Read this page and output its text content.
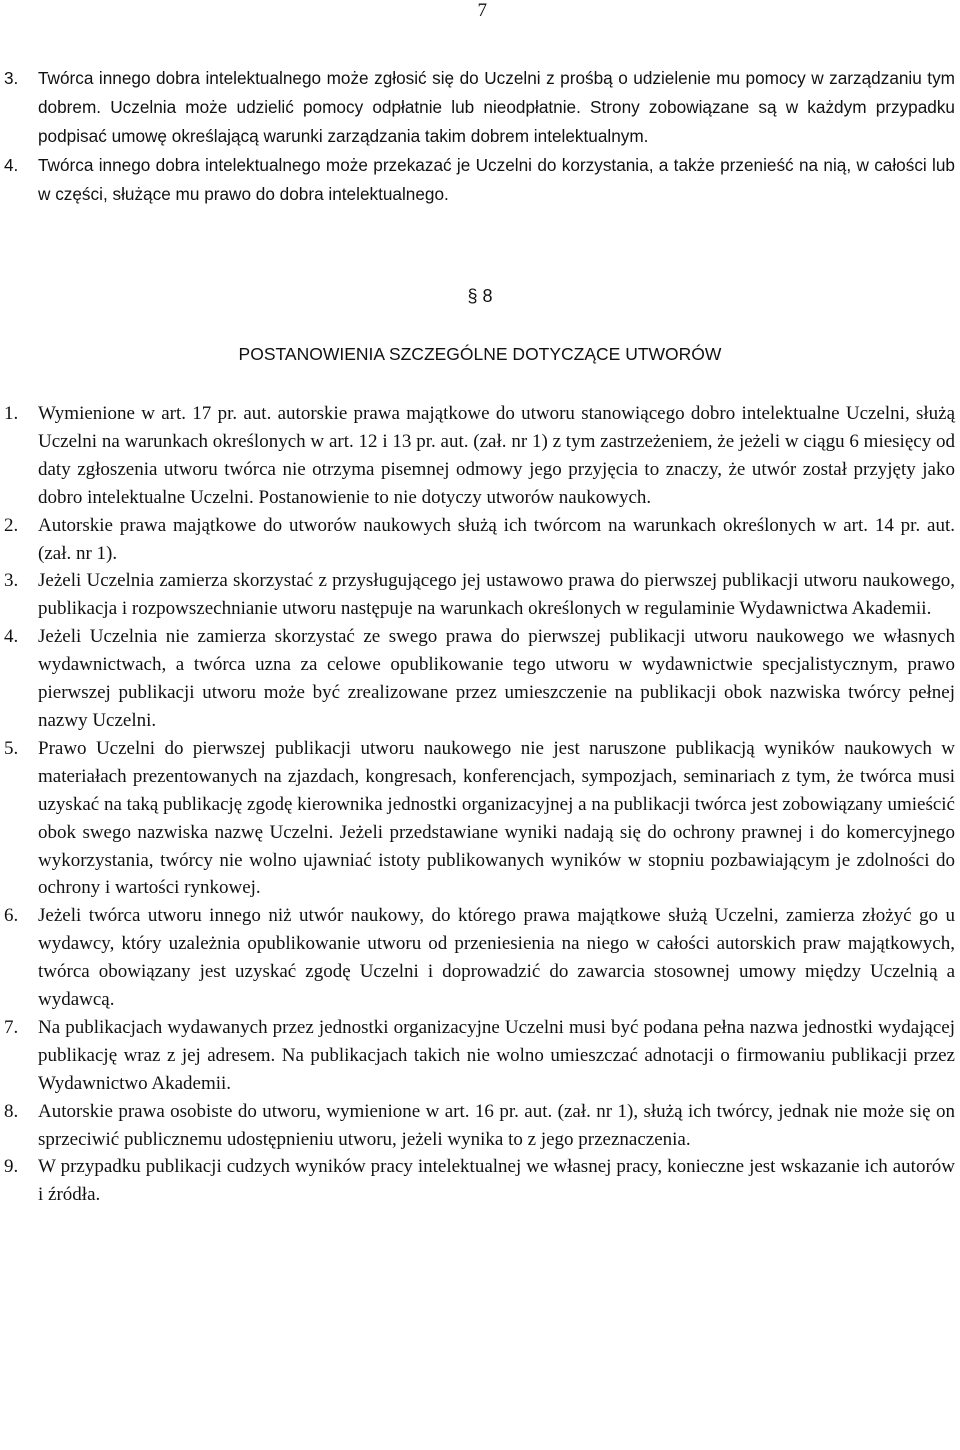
7
3. Twórca innego dobra intelektualnego może zgłosić się do Uczelni z prośbą o udzielenie mu pomocy w zarządzaniu tym dobrem. Uczelnia może udzielić pomocy odpłatnie lub nieodpłatnie. Strony zobowiązane są w każdym przypadku podpisać umowę określającą warunki zarządzania takim dobrem intelektualnym.
4. Twórca innego dobra intelektualnego może przekazać je Uczelni do korzystania, a także przenieść na nią, w całości lub w części, służące mu prawo do dobra intelektualnego.
§ 8
POSTANOWIENIA SZCZEGÓLNE DOTYCZĄCE UTWORÓW
1. Wymienione w art. 17 pr. aut. autorskie prawa majątkowe do utworu stanowiącego dobro intelektualne Uczelni, służą Uczelni na warunkach określonych w art. 12 i 13 pr. aut. (zał. nr 1) z tym zastrzeżeniem, że jeżeli w ciągu 6 miesięcy od daty zgłoszenia utworu twórca nie otrzyma pisemnej odmowy jego przyjęcia to znaczy, że utwór został przyjęty jako dobro intelektualne Uczelni. Postanowienie to nie dotyczy utworów naukowych.
2. Autorskie prawa majątkowe do utworów naukowych służą ich twórcom na warunkach określonych w art. 14 pr. aut. (zał. nr 1).
3. Jeżeli Uczelnia zamierza skorzystać z przysługującego jej ustawowo prawa do pierwszej publikacji utworu naukowego, publikacja i rozpowszechnianie utworu następuje na warunkach określonych w regulaminie Wydawnictwa Akademii.
4. Jeżeli Uczelnia nie zamierza skorzystać ze swego prawa do pierwszej publikacji utworu naukowego we własnych wydawnictwach, a twórca uzna za celowe opublikowanie tego utworu w wydawnictwie specjalistycznym, prawo pierwszej publikacji utworu może być zrealizowane przez umieszczenie na publikacji obok nazwiska twórcy pełnej nazwy Uczelni.
5. Prawo Uczelni do pierwszej publikacji utworu naukowego nie jest naruszone publikacją wyników naukowych w materiałach prezentowanych na zjazdach, kongresach, konferencjach, sympozjach, seminariach z tym, że twórca musi uzyskać na taką publikację zgodę kierownika jednostki organizacyjnej a na publikacji twórca jest zobowiązany umieścić obok swego nazwiska nazwę Uczelni. Jeżeli przedstawiane wyniki nadają się do ochrony prawnej i do komercyjnego wykorzystania, twórcy nie wolno ujawniać istoty publikowanych wyników w stopniu pozbawiającym je zdolności do ochrony i wartości rynkowej.
6. Jeżeli twórca utworu innego niż utwór naukowy, do którego prawa majątkowe służą Uczelni, zamierza złożyć go u wydawcy, który uzależnia opublikowanie utworu od przeniesienia na niego w całości autorskich praw majątkowych, twórca obowiązany jest uzyskać zgodę Uczelni i doprowadzić do zawarcia stosownej umowy między Uczelnią a wydawcą.
7. Na publikacjach wydawanych przez jednostki organizacyjne Uczelni musi być podana pełna nazwa jednostki wydającej publikację wraz z jej adresem. Na publikacjach takich nie wolno umieszczać adnotacji o firmowaniu publikacji przez Wydawnictwo Akademii.
8. Autorskie prawa osobiste do utworu, wymienione w art. 16 pr. aut. (zał. nr 1), służą ich twórcy, jednak nie może się on sprzeciwić publicznemu udostępnieniu utworu, jeżeli wynika to z jego przeznaczenia.
9. W przypadku publikacji cudzych wyników pracy intelektualnej we własnej pracy, konieczne jest wskazanie ich autorów i źródła.
